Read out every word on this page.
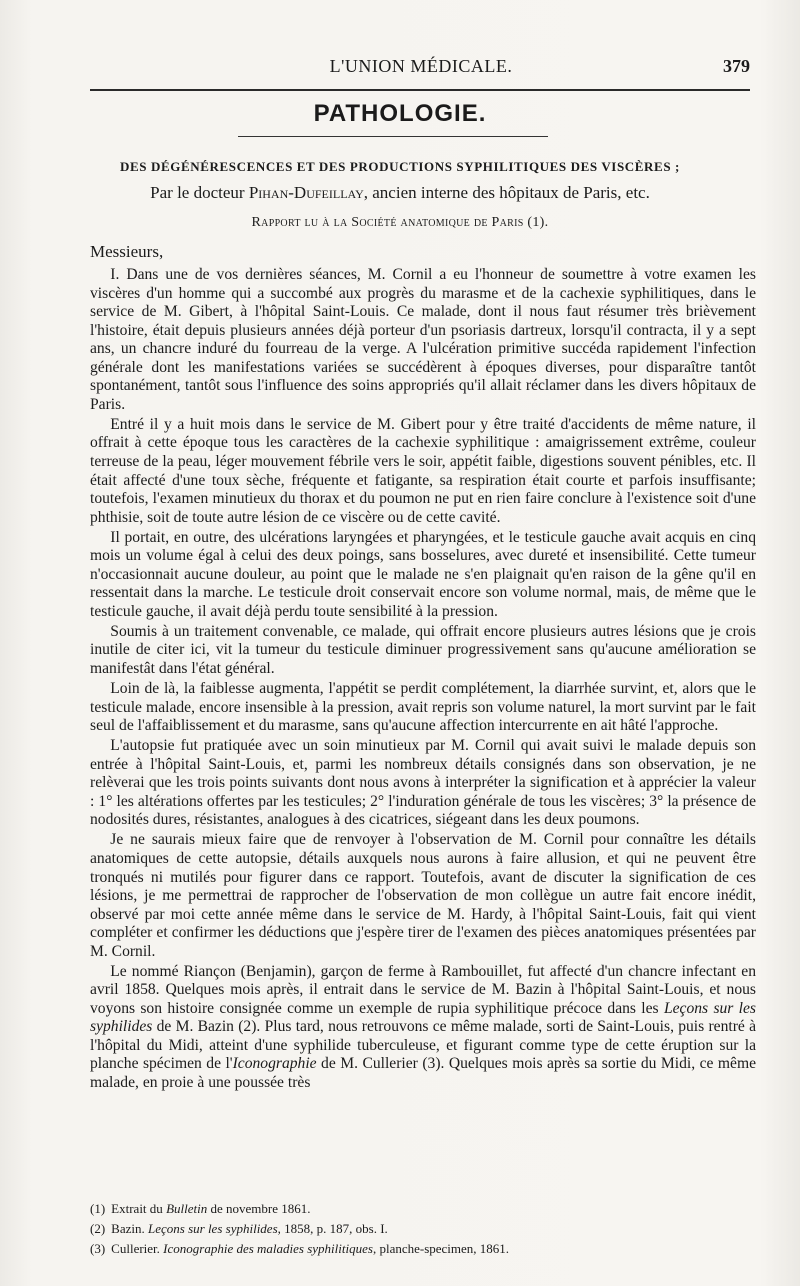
L'UNION MÉDICALE.	379
PATHOLOGIE.
DES DÉGÉNÉRESCENCES ET DES PRODUCTIONS SYPHILITIQUES DES VISCÈRES ;
Par le docteur Pihan-Dufeillay, ancien interne des hôpitaux de Paris, etc.
Rapport lu à la Société anatomique de Paris (1).
Messieurs,

I. Dans une de vos dernières séances, M. Cornil a eu l'honneur de soumettre à votre examen les viscères d'un homme qui a succombé aux progrès du marasme et de la cachexie syphilitiques, dans le service de M. Gibert, à l'hôpital Saint-Louis. Ce malade, dont il nous faut résumer très brièvement l'histoire, était depuis plusieurs années déjà porteur d'un psoriasis dartreux, lorsqu'il contracta, il y a sept ans, un chancre induré du fourreau de la verge. A l'ulcération primitive succéda rapidement l'infection générale dont les manifestations variées se succédèrent à époques diverses, pour disparaître tantôt spontanément, tantôt sous l'influence des soins appropriés qu'il allait réclamer dans les divers hôpitaux de Paris.

Entré il y a huit mois dans le service de M. Gibert pour y être traité d'accidents de même nature, il offrait à cette époque tous les caractères de la cachexie syphilitique : amaigrissement extrême, couleur terreuse de la peau, léger mouvement fébrile vers le soir, appétit faible, digestions souvent pénibles, etc. Il était affecté d'une toux sèche, fréquente et fatigante, sa respiration était courte et parfois insuffisante; toutefois, l'examen minutieux du thorax et du poumon ne put en rien faire conclure à l'existence soit d'une phthisie, soit de toute autre lésion de ce viscère ou de cette cavité.

Il portait, en outre, des ulcérations laryngées et pharyngées, et le testicule gauche avait acquis en cinq mois un volume égal à celui des deux poings, sans bosselures, avec dureté et insensibilité. Cette tumeur n'occasionnait aucune douleur, au point que le malade ne s'en plaignait qu'en raison de la gêne qu'il en ressentait dans la marche. Le testicule droit conservait encore son volume normal, mais, de même que le testicule gauche, il avait déjà perdu toute sensibilité à la pression.

Soumis à un traitement convenable, ce malade, qui offrait encore plusieurs autres lésions que je crois inutile de citer ici, vit la tumeur du testicule diminuer progressivement sans qu'aucune amélioration se manifestât dans l'état général.

Loin de là, la faiblesse augmenta, l'appétit se perdit complétement, la diarrhée survint, et, alors que le testicule malade, encore insensible à la pression, avait repris son volume naturel, la mort survint par le fait seul de l'affaiblissement et du marasme, sans qu'aucune affection intercurrente en ait hâté l'approche.

L'autopsie fut pratiquée avec un soin minutieux par M. Cornil qui avait suivi le malade depuis son entrée à l'hôpital Saint-Louis, et, parmi les nombreux détails consignés dans son observation, je ne relèverai que les trois points suivants dont nous avons à interpréter la signification et à apprécier la valeur : 1° les altérations offertes par les testicules; 2° l'induration générale de tous les viscères; 3° la présence de nodosités dures, résistantes, analogues à des cicatrices, siégeant dans les deux poumons.

Je ne saurais mieux faire que de renvoyer à l'observation de M. Cornil pour connaître les détails anatomiques de cette autopsie, détails auxquels nous aurons à faire allusion, et qui ne peuvent être tronqués ni mutilés pour figurer dans ce rapport. Toutefois, avant de discuter la signification de ces lésions, je me permettrai de rapprocher de l'observation de mon collègue un autre fait encore inédit, observé par moi cette année même dans le service de M. Hardy, à l'hôpital Saint-Louis, fait qui vient compléter et confirmer les déductions que j'espère tirer de l'examen des pièces anatomiques présentées par M. Cornil.

Le nommé Riançon (Benjamin), garçon de ferme à Rambouillet, fut affecté d'un chancre infectant en avril 1858. Quelques mois après, il entrait dans le service de M. Bazin à l'hôpital Saint-Louis, et nous voyons son histoire consignée comme un exemple de rupia syphilitique précoce dans les Leçons sur les syphilides de M. Bazin (2). Plus tard, nous retrouvons ce même malade, sorti de Saint-Louis, puis rentré à l'hôpital du Midi, atteint d'une syphilide tuberculeuse, et figurant comme type de cette éruption sur la planche spécimen de l'Iconographie de M. Cullerier (3). Quelques mois après sa sortie du Midi, ce même malade, en proie à une poussée très

(1) Extrait du Bulletin de novembre 1861.
(2) Bazin. Leçons sur les syphilides, 1858, p. 187, obs. I.
(3) Cullerier. Iconographie des maladies syphilitiques, planche-specimen, 1861.
